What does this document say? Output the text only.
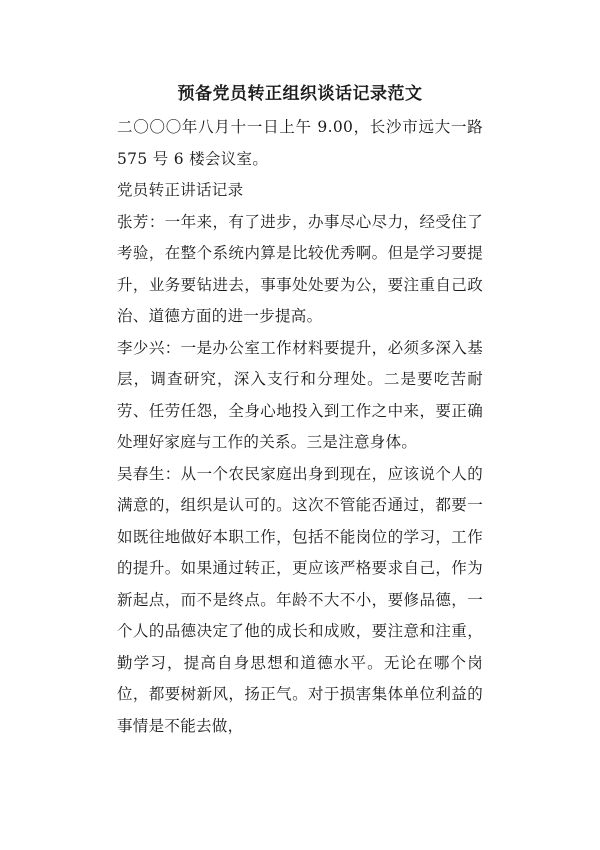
预备党员转正组织谈话记录范文

二〇〇〇年八月十一日上午 9.00，长沙市远大一路 575 号 6 楼会议室。

党员转正讲话记录

张芳：一年来，有了进步，办事尽心尽力，经受住了考验，在整个系统内算是比较优秀啊。但是学习要提升，业务要钻进去，事事处处要为公，要注重自己政治、道德方面的进一步提高。

李少兴：一是办公室工作材料要提升，必须多深入基层，调查研究，深入支行和分理处。二是要吃苦耐劳、任劳任怨，全身心地投入到工作之中来，要正确处理好家庭与工作的关系。三是注意身体。

吴春生：从一个农民家庭出身到现在，应该说个人的满意的，组织是认可的。这次不管能否通过，都要一如既往地做好本职工作，包括不能岗位的学习，工作的提升。如果通过转正，更应该严格要求自己，作为新起点，而不是终点。年龄不大不小，要修品德，一个人的品德决定了他的成长和成败，要注意和注重，勤学习，提高自身思想和道德水平。无论在哪个岗位，都要树新风，扬正气。对于损害集体单位利益的事情是不能去做，
